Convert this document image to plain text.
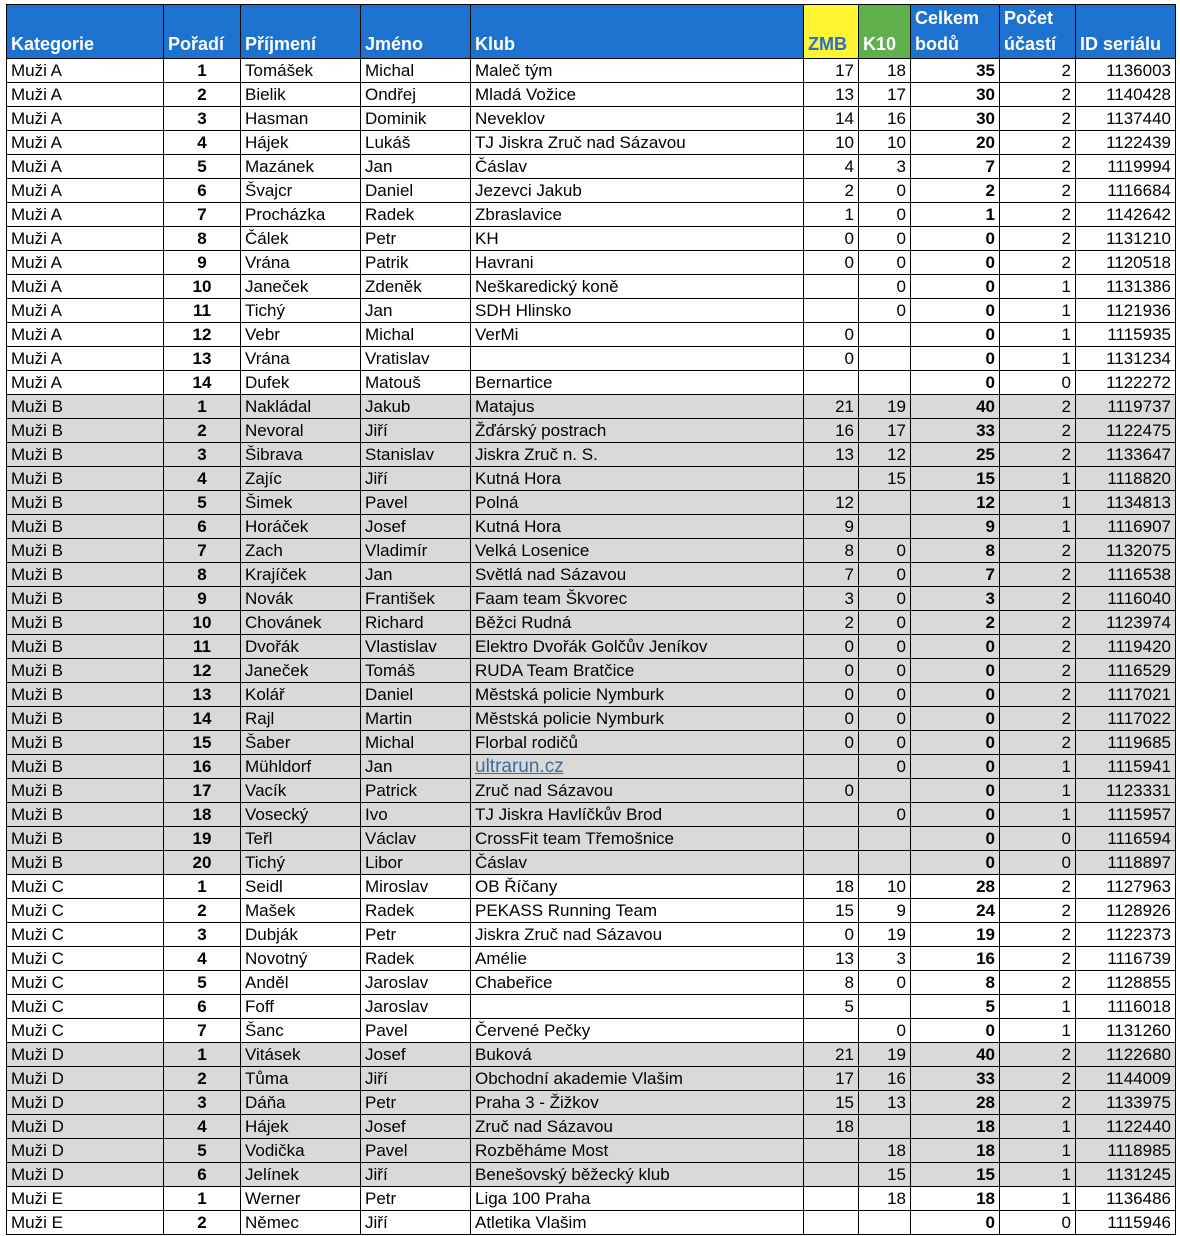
Kategorie	Pořadí	Příjmení	Jméno	Klub	ZMB	K10	Celkem bodů	Počet účastí	ID seriálu
Muži A	1	Tomášek	Michal	Maleč tým	17	18	35	2	1136003
Muži A	2	Bielik	Ondřej	Mladá Vožice	13	17	30	2	1140428
Muži A	3	Hasman	Dominik	Neveklov	14	16	30	2	1137440
Muži A	4	Hájek	Lukáš	TJ Jiskra Zruč nad Sázavou	10	10	20	2	1122439
Muži A	5	Mazánek	Jan	Čáslav	4	3	7	2	1119994
Muži A	6	Švajcr	Daniel	Jezevci Jakub	2	0	2	2	1116684
Muži A	7	Procházka	Radek	Zbraslavice	1	0	1	2	1142642
Muži A	8	Čálek	Petr	KH	0	0	0	2	1131210
Muži A	9	Vrána	Patrik	Havrani	0	0	0	2	1120518
Muži A	10	Janeček	Zdeněk	Neškaredický koně		0	0	1	1131386
Muži A	11	Tichý	Jan	SDH Hlinsko		0	0	1	1121936
Muži A	12	Vebr	Michal	VerMi	0		0	1	1115935
Muži A	13	Vrána	Vratislav		0		0	1	1131234
Muži A	14	Dufek	Matouš	Bernartice			0	0	1122272
Muži B	1	Nakládal	Jakub	Matajus	21	19	40	2	1119737
Muži B	2	Nevoral	Jiří	Žďárský postrach	16	17	33	2	1122475
Muži B	3	Šibrava	Stanislav	Jiskra Zruč n. S.	13	12	25	2	1133647
Muži B	4	Zajíc	Jiří	Kutná Hora		15	15	1	1118820
Muži B	5	Šimek	Pavel	Polná	12		12	1	1134813
Muži B	6	Horáček	Josef	Kutná Hora	9		9	1	1116907
Muži B	7	Zach	Vladimír	Velká Losenice	8	0	8	2	1132075
Muži B	8	Krajíček	Jan	Světlá nad Sázavou	7	0	7	2	1116538
Muži B	9	Novák	František	Faam team Škvorec	3	0	3	2	1116040
Muži B	10	Chovánek	Richard	Běžci Rudná	2	0	2	2	1123974
Muži B	11	Dvořák	Vlastislav	Elektro Dvořák Golčův Jeníkov	0	0	0	2	1119420
Muži B	12	Janeček	Tomáš	RUDA Team Bratčice	0	0	0	2	1116529
Muži B	13	Kolář	Daniel	Městská policie Nymburk	0	0	0	2	1117021
Muži B	14	Rajl	Martin	Městská policie Nymburk	0	0	0	2	1117022
Muži B	15	Šaber	Michal	Florbal rodičů	0	0	0	2	1119685
Muži B	16	Mühldorf	Jan	ultrarun.cz		0	0	1	1115941
Muži B	17	Vacík	Patrick	Zruč nad Sázavou	0		0	1	1123331
Muži B	18	Vosecký	Ivo	TJ Jiskra Havlíčkův Brod		0	0	1	1115957
Muži B	19	Teřl	Václav	CrossFit team Třemošnice			0	0	1116594
Muži B	20	Tichý	Libor	Čáslav			0	0	1118897
Muži C	1	Seidl	Miroslav	OB Říčany	18	10	28	2	1127963
Muži C	2	Mašek	Radek	PEKASS Running Team	15	9	24	2	1128926
Muži C	3	Dubják	Petr	Jiskra Zruč nad Sázavou	0	19	19	2	1122373
Muži C	4	Novotný	Radek	Amélie	13	3	16	2	1116739
Muži C	5	Anděl	Jaroslav	Chabeřice	8	0	8	2	1128855
Muži C	6	Foff	Jaroslav		5		5	1	1116018
Muži C	7	Šanc	Pavel	Červené Pečky		0	0	1	1131260
Muži D	1	Vitásek	Josef	Buková	21	19	40	2	1122680
Muži D	2	Tůma	Jiří	Obchodní akademie Vlašim	17	16	33	2	1144009
Muži D	3	Dáňa	Petr	Praha 3 - Žižkov	15	13	28	2	1133975
Muži D	4	Hájek	Josef	Zruč nad Sázavou	18		18	1	1122440
Muži D	5	Vodička	Pavel	Rozběháme Most		18	18	1	1118985
Muži D	6	Jelínek	Jiří	Benešovský běžecký klub		15	15	1	1131245
Muži E	1	Werner	Petr	Liga 100 Praha		18	18	1	1136486
Muži E	2	Němec	Jiří	Atletika Vlašim			0	0	1115946
